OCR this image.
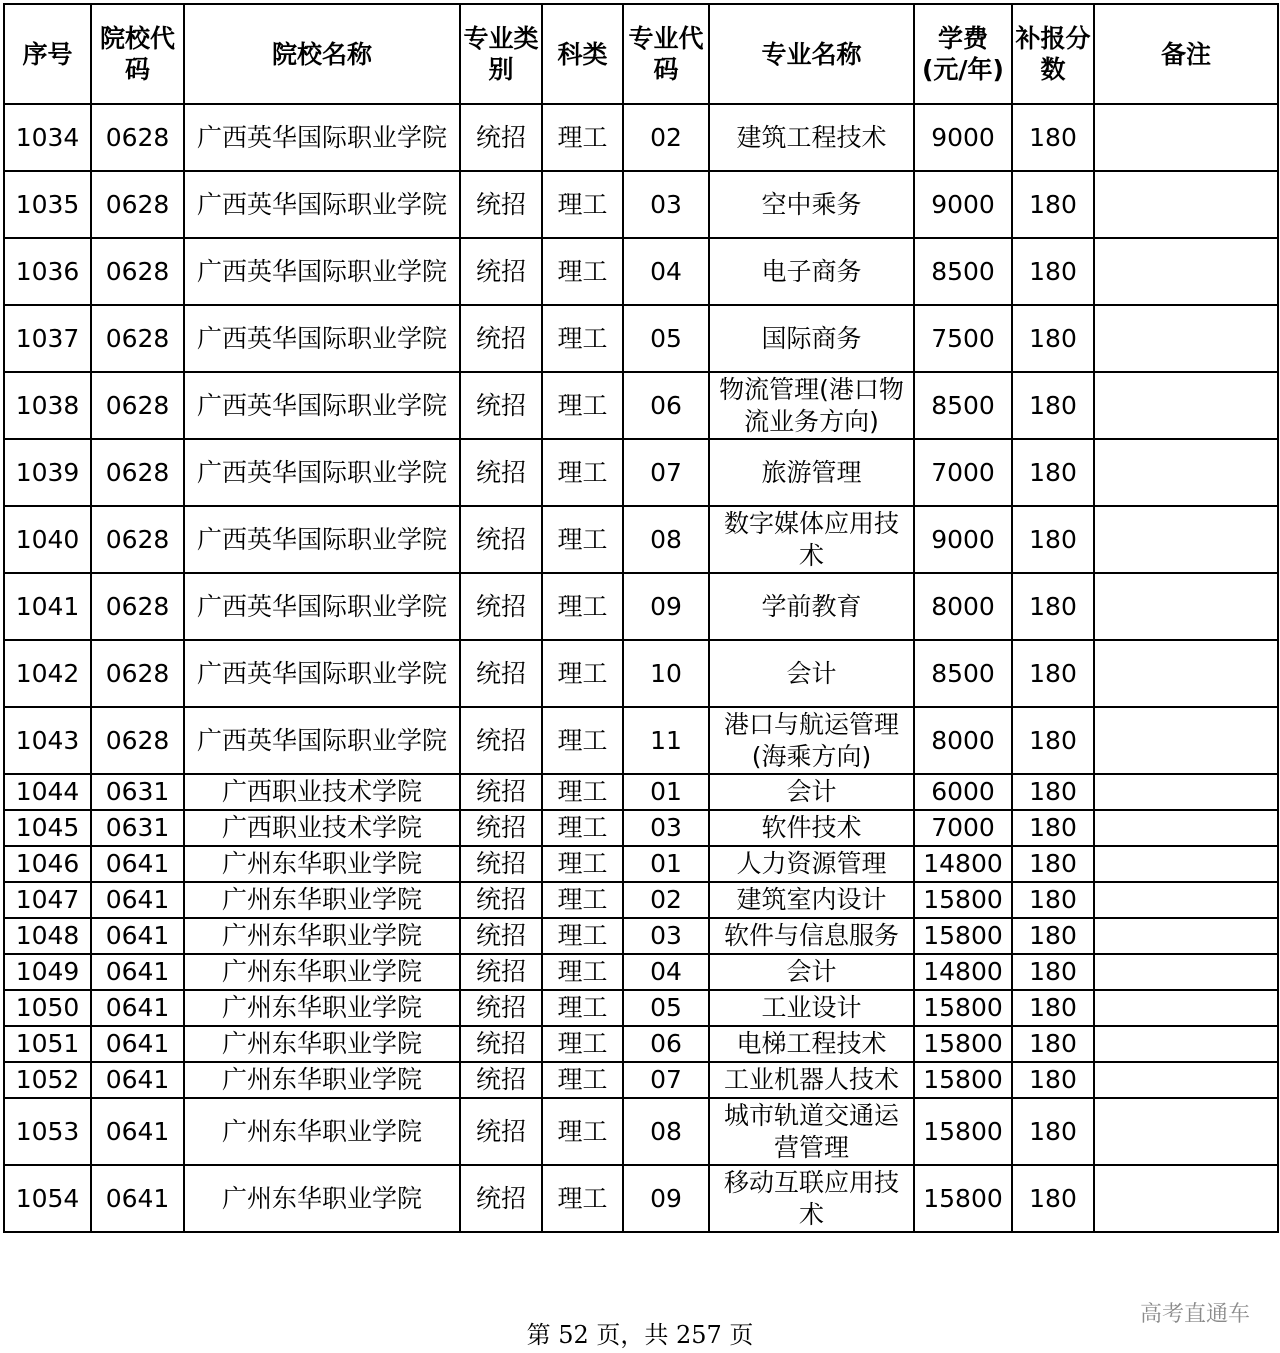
序号	院校代码	院校名称	专业类别	科类	专业代码	专业名称	学费(元/年)	补报分数	备注
1034	0628	广西英华国际职业学院	统招	理工	02	建筑工程技术	9000	180	
1035	0628	广西英华国际职业学院	统招	理工	03	空中乘务	9000	180	
1036	0628	广西英华国际职业学院	统招	理工	04	电子商务	8500	180	
1037	0628	广西英华国际职业学院	统招	理工	05	国际商务	7500	180	
1038	0628	广西英华国际职业学院	统招	理工	06	物流管理(港口物流业务方向)	8500	180	
1039	0628	广西英华国际职业学院	统招	理工	07	旅游管理	7000	180	
1040	0628	广西英华国际职业学院	统招	理工	08	数字媒体应用技术	9000	180	
1041	0628	广西英华国际职业学院	统招	理工	09	学前教育	8000	180	
1042	0628	广西英华国际职业学院	统招	理工	10	会计	8500	180	
1043	0628	广西英华国际职业学院	统招	理工	11	港口与航运管理(海乘方向)	8000	180	
1044	0631	广西职业技术学院	统招	理工	01	会计	6000	180	
1045	0631	广西职业技术学院	统招	理工	03	软件技术	7000	180	
1046	0641	广州东华职业学院	统招	理工	01	人力资源管理	14800	180	
1047	0641	广州东华职业学院	统招	理工	02	建筑室内设计	15800	180	
1048	0641	广州东华职业学院	统招	理工	03	软件与信息服务	15800	180	
1049	0641	广州东华职业学院	统招	理工	04	会计	14800	180	
1050	0641	广州东华职业学院	统招	理工	05	工业设计	15800	180	
1051	0641	广州东华职业学院	统招	理工	06	电梯工程技术	15800	180	
1052	0641	广州东华职业学院	统招	理工	07	工业机器人技术	15800	180	
1053	0641	广州东华职业学院	统招	理工	08	城市轨道交通运营管理	15800	180	
1054	0641	广州东华职业学院	统招	理工	09	移动互联应用技术	15800	180	
第 52 页，共 257 页
高考直通车
